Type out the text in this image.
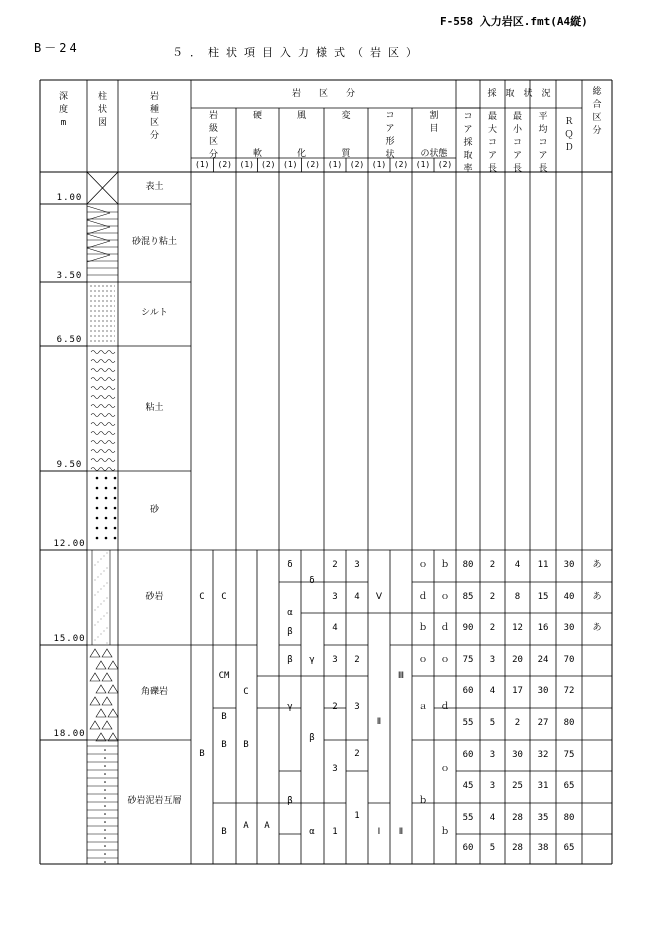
F-558 入力岩区.fmt(A4縦)
B－24	５．柱状項目入力様式（岩区）
深
度
m
柱
状
図
岩
種
区
分
岩　　区　　分	採　取　状　況
岩
級
区
分
硬
軟
風
化
変
質
コ
ア
形
状
割
目
の状態
コ
ア
採
取
率
最
大
コ
ア
長
最
小
コ
ア
長
平
均
コ
ア
長
Ｒ
Ｑ
Ｄ
総
合
区
分
(1) (2) (1) (2) (1) (2) (1) (2) (1) (2) (1) (2)
表土
1.00
砂混り粘土
3.50
シルト
6.50
粘土
9.50
砂
12.00
砂岩
15.00
角礫岩
18.00
砂岩泥岩互層
C
B
C
CM
B
B
B
C
B
A A
δ
α
β
β
γ
β
δ
γ
β
α
2
3
4
3
2
3
1
3
4
2
3
2
1
Ⅴ
Ⅱ
Ⅰ
Ⅲ
Ⅱ
ｏ
ｄ
ｂ
ｏ
ａ
ｂ
ｂ
ｏ
ｄ
ｏ
ｄ
ｏ
ｂ
80 2 4 11 30 あ
85 2 8 15 40 あ
90 2 12 16 30 あ
75 3 20 24 70
60 4 17 30 72
55 5 2 27 80
60 3 30 32 75
45 3 25 31 65
55 4 28 35 80
60 5 28 38 65
